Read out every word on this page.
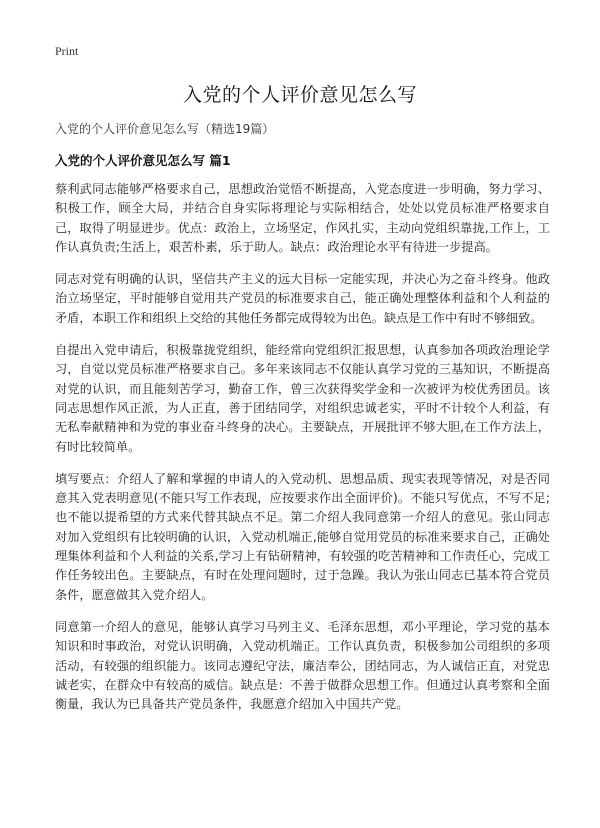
Print
入党的个人评价意见怎么写
入党的个人评价意见怎么写（精选19篇）
入党的个人评价意见怎么写 篇1

蔡利武同志能够严格要求自己，思想政治觉悟不断提高，入党态度进一步明确，努力学习、积极工作，顾全大局，并结合自身实际将理论与实际相结合，处处以党员标准严格要求自己，取得了明显进步。优点：政治上，立场坚定，作风扎实，主动向党组织靠拢,工作上，工作认真负责;生活上，艰苦朴素，乐于助人。缺点：政治理论水平有待进一步提高。

同志对党有明确的认识，坚信共产主义的远大目标一定能实现，并决心为之奋斗终身。他政治立场坚定，平时能够自觉用共产党员的标准要求自己，能正确处理整体利益和个人利益的矛盾，本职工作和组织上交给的其他任务都完成得较为出色。缺点是工作中有时不够细致。

自提出入党申请后，积极靠拢党组织，能经常向党组织汇报思想，认真参加各项政治理论学习，自觉以党员标准严格要求自己。多年来该同志不仅能认真学习党的三基知识，不断提高对党的认识，而且能刻苦学习，勤奋工作，曾三次获得奖学金和一次被评为校优秀团员。该同志思想作风正派，为人正直，善于团结同学，对组织忠诚老实，平时不计较个人利益，有无私奉献精神和为党的事业奋斗终身的决心。主要缺点，开展批评不够大胆,在工作方法上，有时比较简单。

填写要点：介绍人了解和掌握的申请人的入党动机、思想品质、现实表现等情况，对是否同意其入党表明意见(不能只写工作表现，应按要求作出全面评价)。不能只写优点，不写不足;也不能以提希望的方式来代替其缺点不足。第二介绍人我同意第一介绍人的意见。张山同志对加入党组织有比较明确的认识，入党动机端正,能够自觉用党员的标准来要求自己，正确处理集体利益和个人利益的关系,学习上有钻研精神，有较强的吃苦精神和工作责任心，完成工作任务较出色。主要缺点，有时在处理问题时，过于急躁。我认为张山同志已基本符合党员条件，愿意做其入党介绍人。

同意第一介绍人的意见，能够认真学习马列主义、毛泽东思想，邓小平理论，学习党的基本知识和时事政治，对党认识明确，入党动机端正。工作认真负责，积极参加公司组织的多项活动，有较强的组织能力。该同志遵纪守法，廉洁奉公，团结同志，为人诚信正直，对党忠诚老实，在群众中有较高的威信。缺点是：不善于做群众思想工作。但通过认真考察和全面衡量，我认为已具备共产党员条件，我愿意介绍加入中国共产党。
